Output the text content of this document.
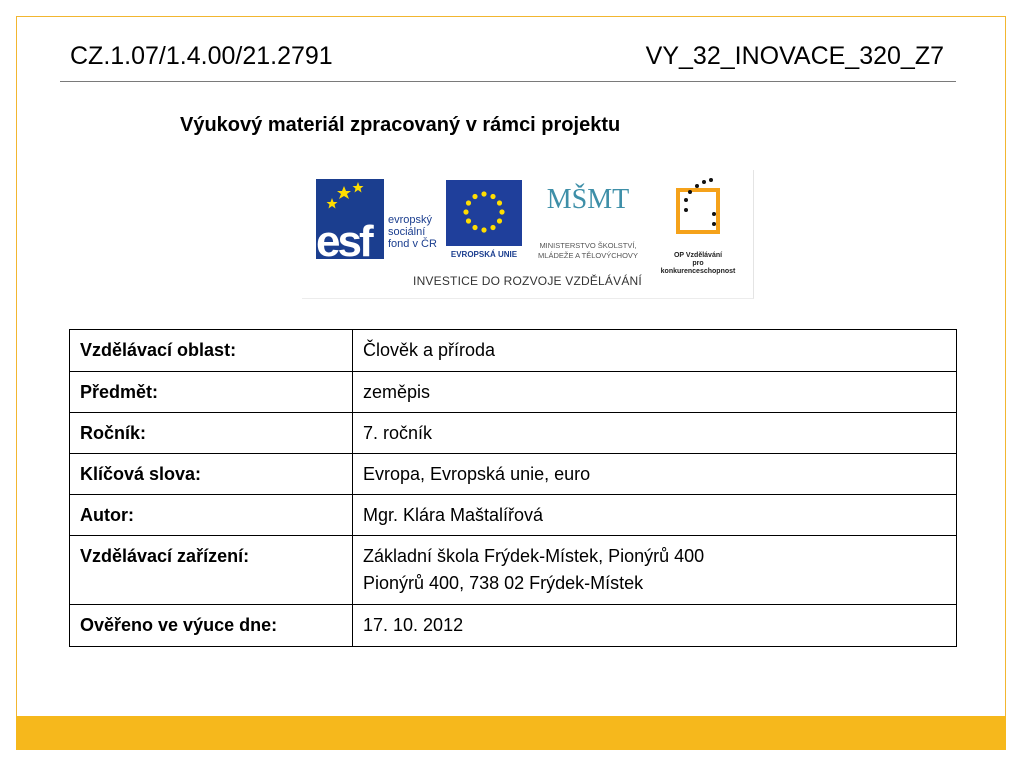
CZ.1.07/1.4.00/21.2791	VY_32_INOVACE_320_Z7
Výukový materiál zpracovaný v rámci projektu
esf
MŠMT
evropský
sociální
fond v ČR
EVROPSKÁ UNIE
MINISTERSTVO ŠKOLSTVÍ,
MLÁDEŽE A TĚLOVÝCHOVY	OP Vzdělávání
pro konkurenceschopnost
INVESTICE DO ROZVOJE VZDĚLÁVÁNÍ
Vzdělávací oblast:	Člověk a příroda

Předmět:	zeměpis

Ročník:	7. ročník

Klíčová slova:	Evropa, Evropská unie, euro

Autor:	Mgr. Klára Maštalířová

Vzdělávací zařízení:	Základní škola Frýdek-Místek, Pionýrů 400
Pionýrů 400, 738 02 Frýdek-Místek

Ověřeno ve výuce dne:	17. 10. 2012
